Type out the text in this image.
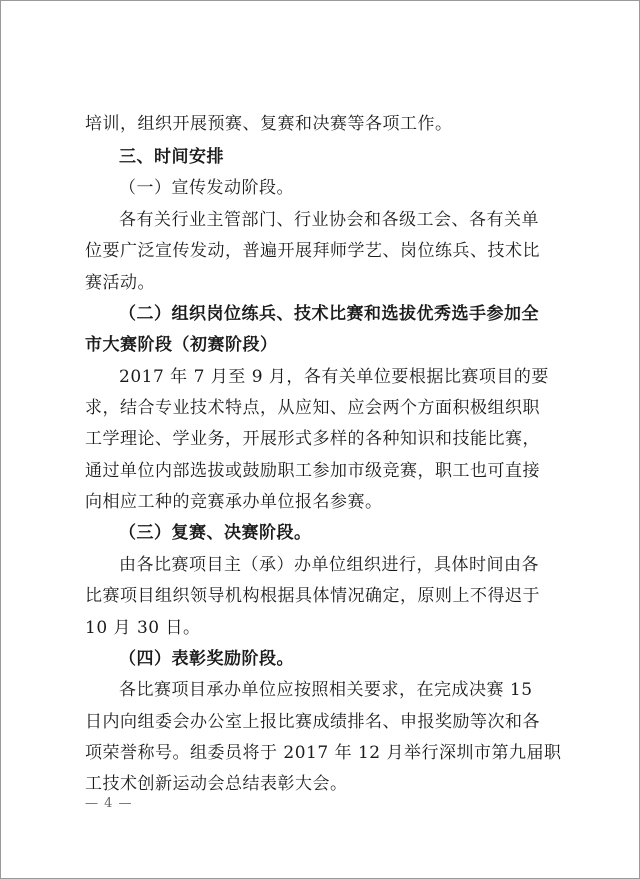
培训，组织开展预赛、复赛和决赛等各项工作。
三、时间安排
（一）宣传发动阶段。
各有关行业主管部门、行业协会和各级工会、各有关单
位要广泛宣传发动，普遍开展拜师学艺、岗位练兵、技术比
赛活动。
（二）组织岗位练兵、技术比赛和选拔优秀选手参加全
市大赛阶段（初赛阶段）
2017 年 7 月至 9 月，各有关单位要根据比赛项目的要
求，结合专业技术特点，从应知、应会两个方面积极组织职
工学理论、学业务，开展形式多样的各种知识和技能比赛，
通过单位内部选拔或鼓励职工参加市级竞赛，职工也可直接
向相应工种的竞赛承办单位报名参赛。
（三）复赛、决赛阶段。
由各比赛项目主（承）办单位组织进行，具体时间由各
比赛项目组织领导机构根据具体情况确定，原则上不得迟于
10 月 30 日。
（四）表彰奖励阶段。
各比赛项目承办单位应按照相关要求，在完成决赛 15
日内向组委会办公室上报比赛成绩排名、申报奖励等次和各
项荣誉称号。组委员将于 2017 年 12 月举行深圳市第九届职
工技术创新运动会总结表彰大会。
— 4 —
